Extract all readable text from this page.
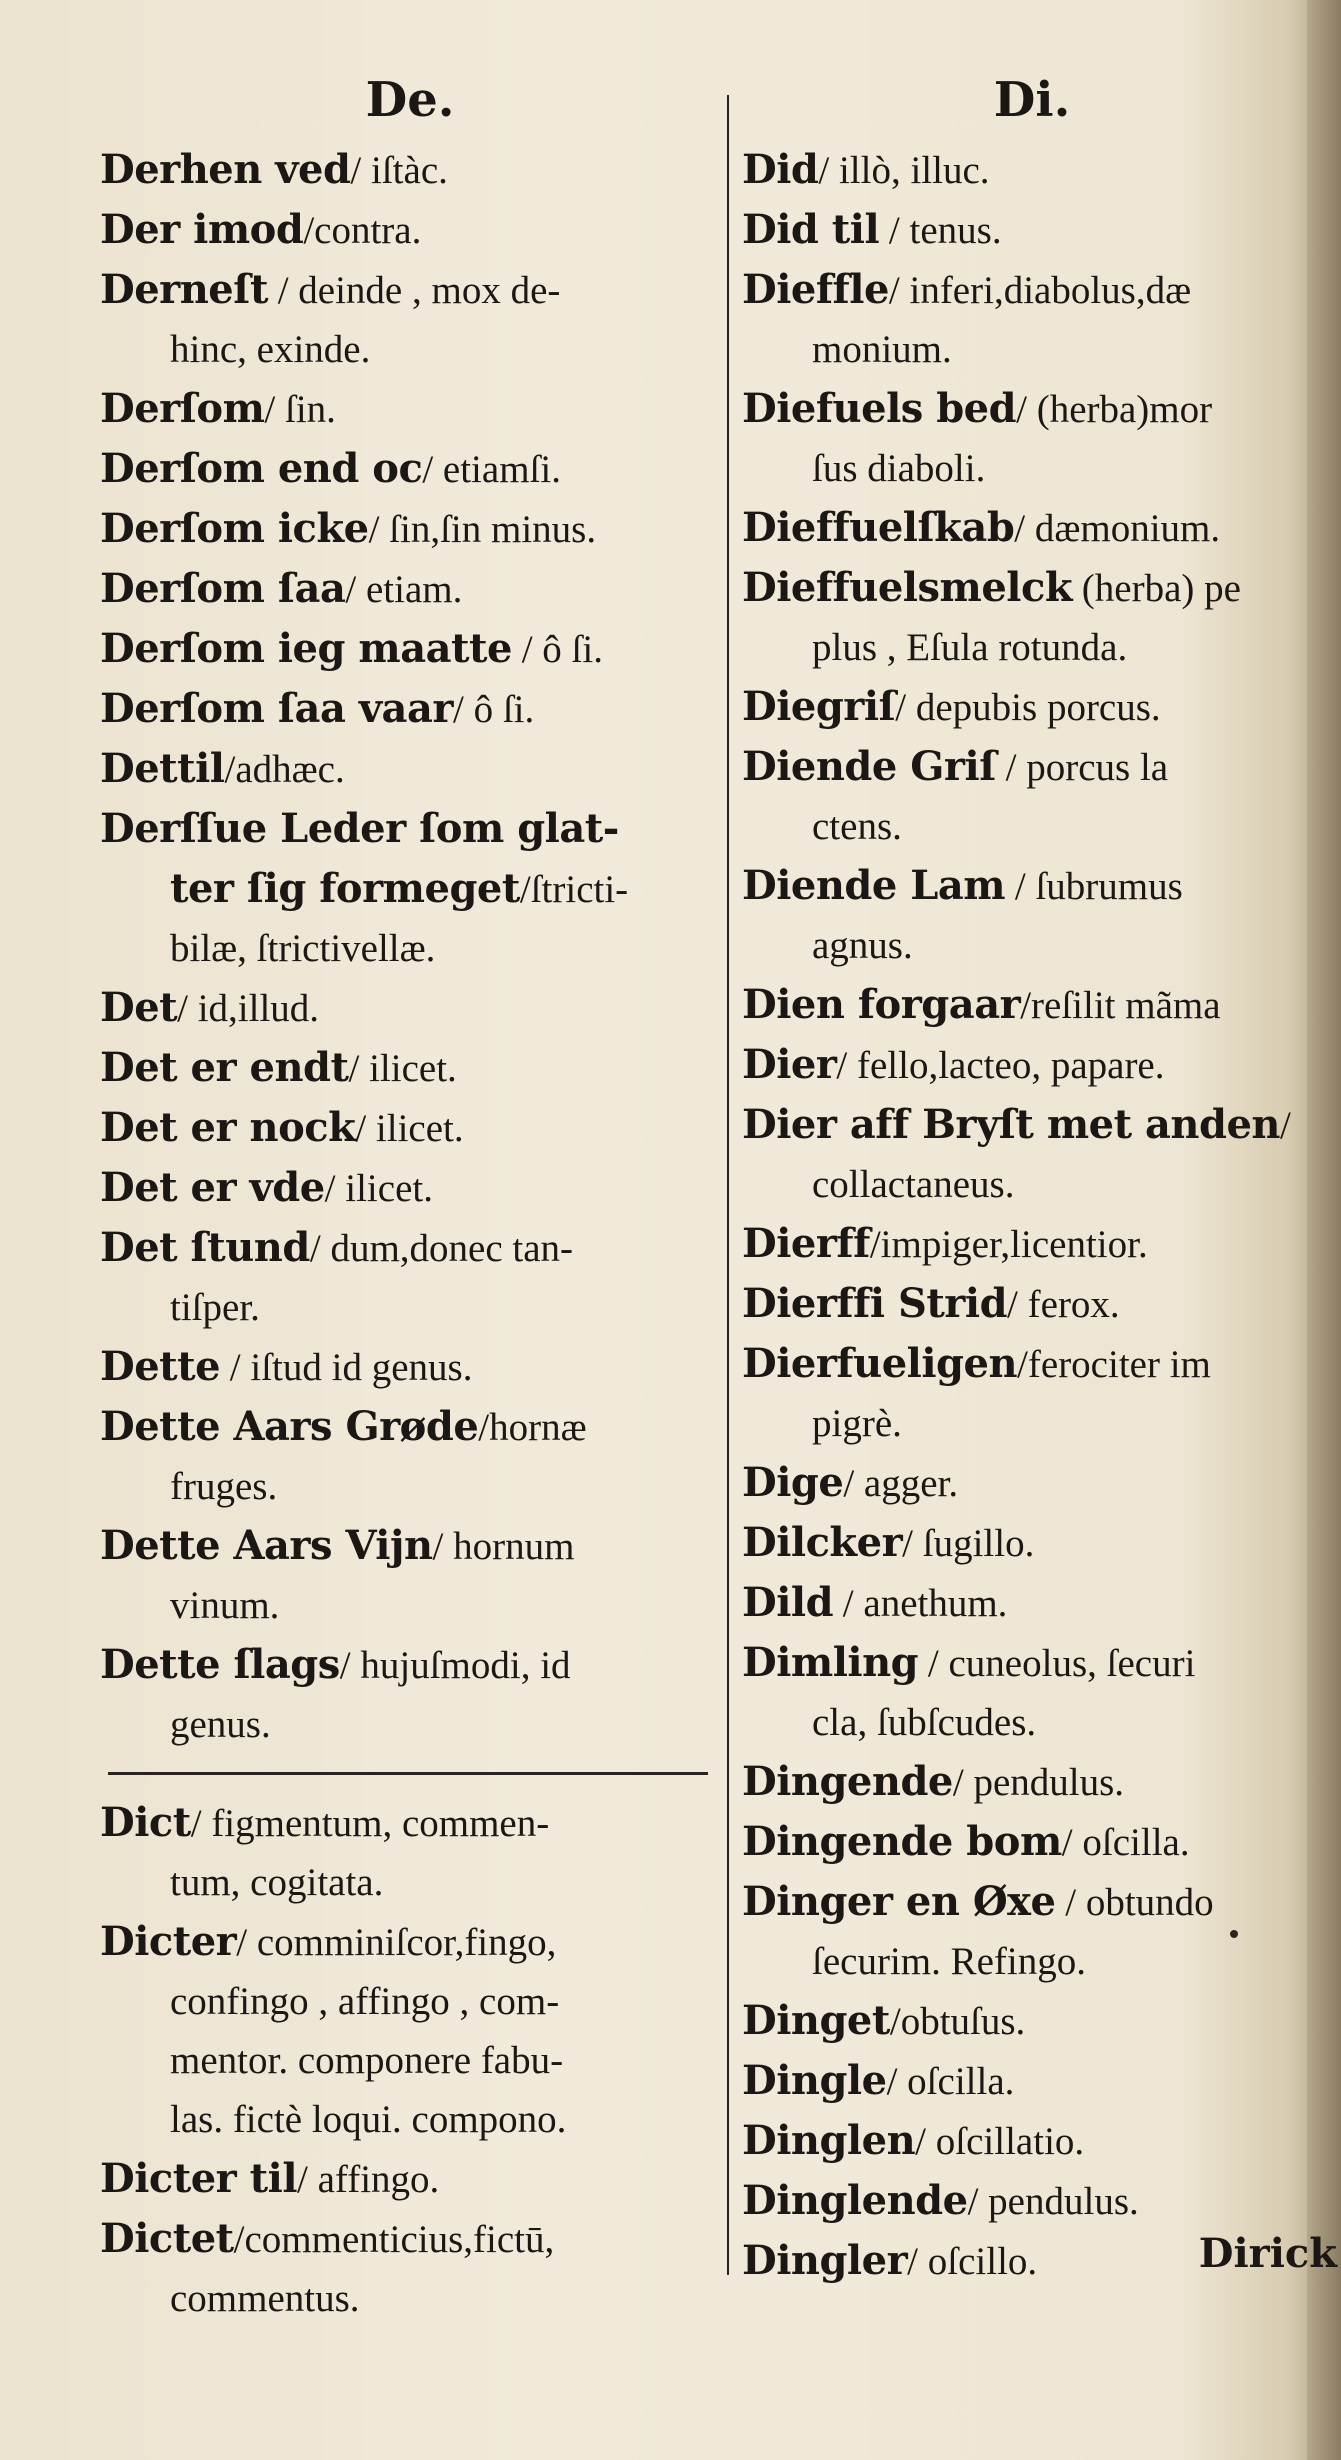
De.
Derhen ved/ iſtàc.
Der imod/contra.
Derneſt / deinde , mox de-
hinc, exinde.
Derſom/ ſin.
Derſom end oc/ etiamſi.
Derſom icke/ ſin,ſin minus.
Derſom ſaa/ etiam.
Derſom ieg maatte / ô ſi.
Derſom ſaa vaar/ ô ſi.
Dettil/adhæc.
Derſſue Leder ſom glat-
ter ſig formeget/ſtricti-
bilæ, ſtrictivellæ.
Det/ id,illud.
Det er endt/ ilicet.
Det er nock/ ilicet.
Det er vde/ ilicet.
Det ſtund/ dum,donec tan-
tiſper.
Dette / iſtud id genus.
Dette Aars Grøde/hornæ
fruges.
Dette Aars Vijn/ hornum
vinum.
Dette ſlags/ hujuſmodi, id
genus.
Dict/ figmentum, commen-
tum, cogitata.
Dicter/ comminiſcor,fingo,
confingo , affingo , com-
mentor. componere fabu-
las. fictè loqui. compono.
Dicter til/ affingo.
Dictet/commenticius,fictū,
commentus.
Di.
Did/ illò, illuc.
Did til / tenus.
Dieffle/ inferi,diabolus,dæ
monium.
Diefuels bed/ (herba)mor
ſus diaboli.
Dieffuelſkab/ dæmonium.
Dieffuelsmelck (herba) pe
plus , Eſula rotunda.
Diegriſ/ depubis porcus.
Diende Griſ / porcus la
ctens.
Diende Lam / ſubrumus
agnus.
Dien forgaar/reſilit mãma
Dier/ fello,lacteo, papare.
Dier aff Bryſt met anden/
collactaneus.
Dierff/impiger,licentior.
Dierffi Strid/ ferox.
Dierfueligen/ferociter im
pigrè.
Dige/ agger.
Dilcker/ ſugillo.
Dild / anethum.
Dimling / cuneolus, ſecuri
cla, ſubſcudes.
Dingende/ pendulus.
Dingende bom/ oſcilla.
Dinger en Øxe / obtundo
ſecurim. Refingo.
Dinget/obtuſus.
Dingle/ oſcilla.
Dinglen/ oſcillatio.
Dinglende/ pendulus.
Dingler/ oſcillo.	Dirick
